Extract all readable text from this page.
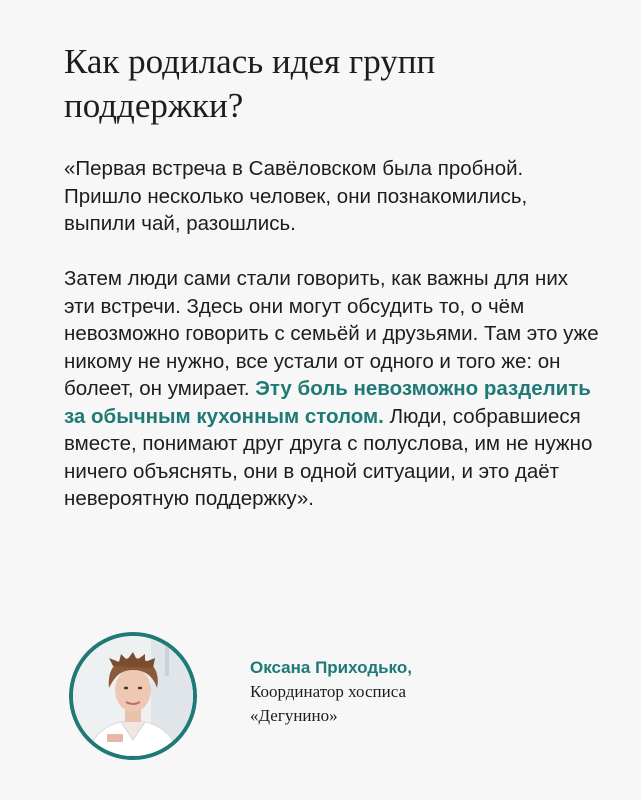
Как родилась идея групп поддержки?

«Первая встреча в Савёловском была пробной. Пришло несколько человек, они познакомились, выпили чай, разошлись.

Затем люди сами стали говорить, как важны для них эти встречи. Здесь они могут обсудить то, о чём невозможно говорить с семьёй и друзьями. Там это уже никому не нужно, все устали от одного и того же: он болеет, он умирает. Эту боль невозможно разделить за обычным кухонным столом. Люди, собравшиеся вместе, понимают друг друга с полуслова, им не нужно ничего объяснять, они в одной ситуации, и это даёт невероятную поддержку».

Оксана Приходько,
Координатор хосписа
«Дегунино»
